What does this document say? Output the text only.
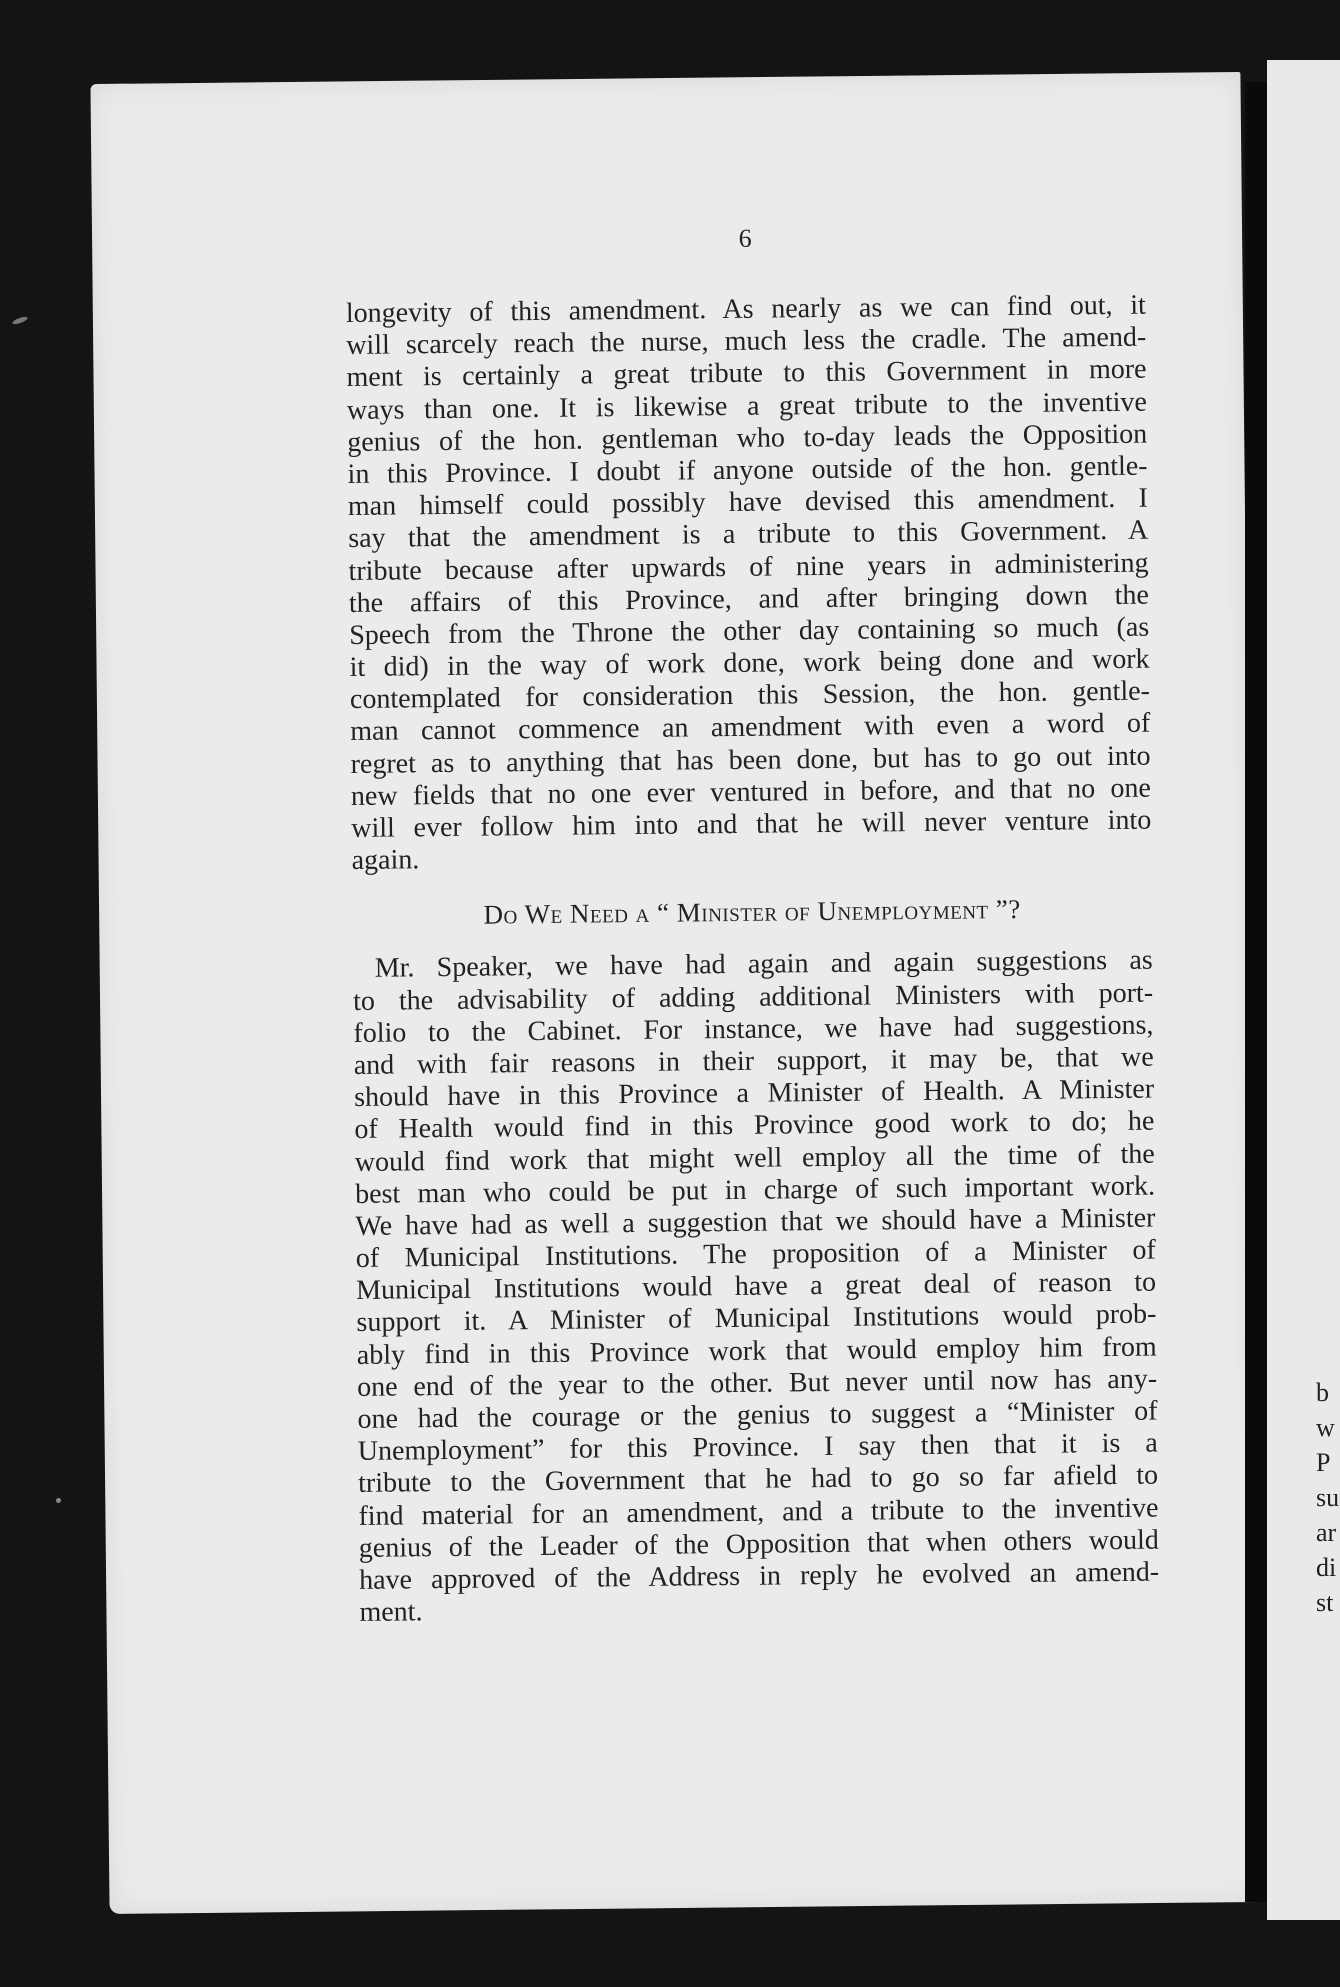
b
w
P
su
ar
di
st
6
longevity of this amendment. As nearly as we can find out, it
will scarcely reach the nurse, much less the cradle. The amend-
ment is certainly a great tribute to this Government in more
ways than one. It is likewise a great tribute to the inventive
genius of the hon. gentleman who to-day leads the Opposition
in this Province. I doubt if anyone outside of the hon. gentle-
man himself could possibly have devised this amendment. I
say that the amendment is a tribute to this Government. A
tribute because after upwards of nine years in administering
the affairs of this Province, and after bringing down the
Speech from the Throne the other day containing so much (as
it did) in the way of work done, work being done and work
contemplated for consideration this Session, the hon. gentle-
man cannot commence an amendment with even a word of
regret as to anything that has been done, but has to go out into
new fields that no one ever ventured in before, and that no one
will ever follow him into and that he will never venture into
again.
Do We Need a “ Minister of Unemployment ”?
Mr. Speaker, we have had again and again suggestions as
to the advisability of adding additional Ministers with port-
folio to the Cabinet. For instance, we have had suggestions,
and with fair reasons in their support, it may be, that we
should have in this Province a Minister of Health. A Minister
of Health would find in this Province good work to do; he
would find work that might well employ all the time of the
best man who could be put in charge of such important work.
We have had as well a suggestion that we should have a Minister
of Municipal Institutions. The proposition of a Minister of
Municipal Institutions would have a great deal of reason to
support it. A Minister of Municipal Institutions would prob-
ably find in this Province work that would employ him from
one end of the year to the other. But never until now has any-
one had the courage or the genius to suggest a “Minister of
Unemployment” for this Province. I say then that it is a
tribute to the Government that he had to go so far afield to
find material for an amendment, and a tribute to the inventive
genius of the Leader of the Opposition that when others would
have approved of the Address in reply he evolved an amend-
ment.
